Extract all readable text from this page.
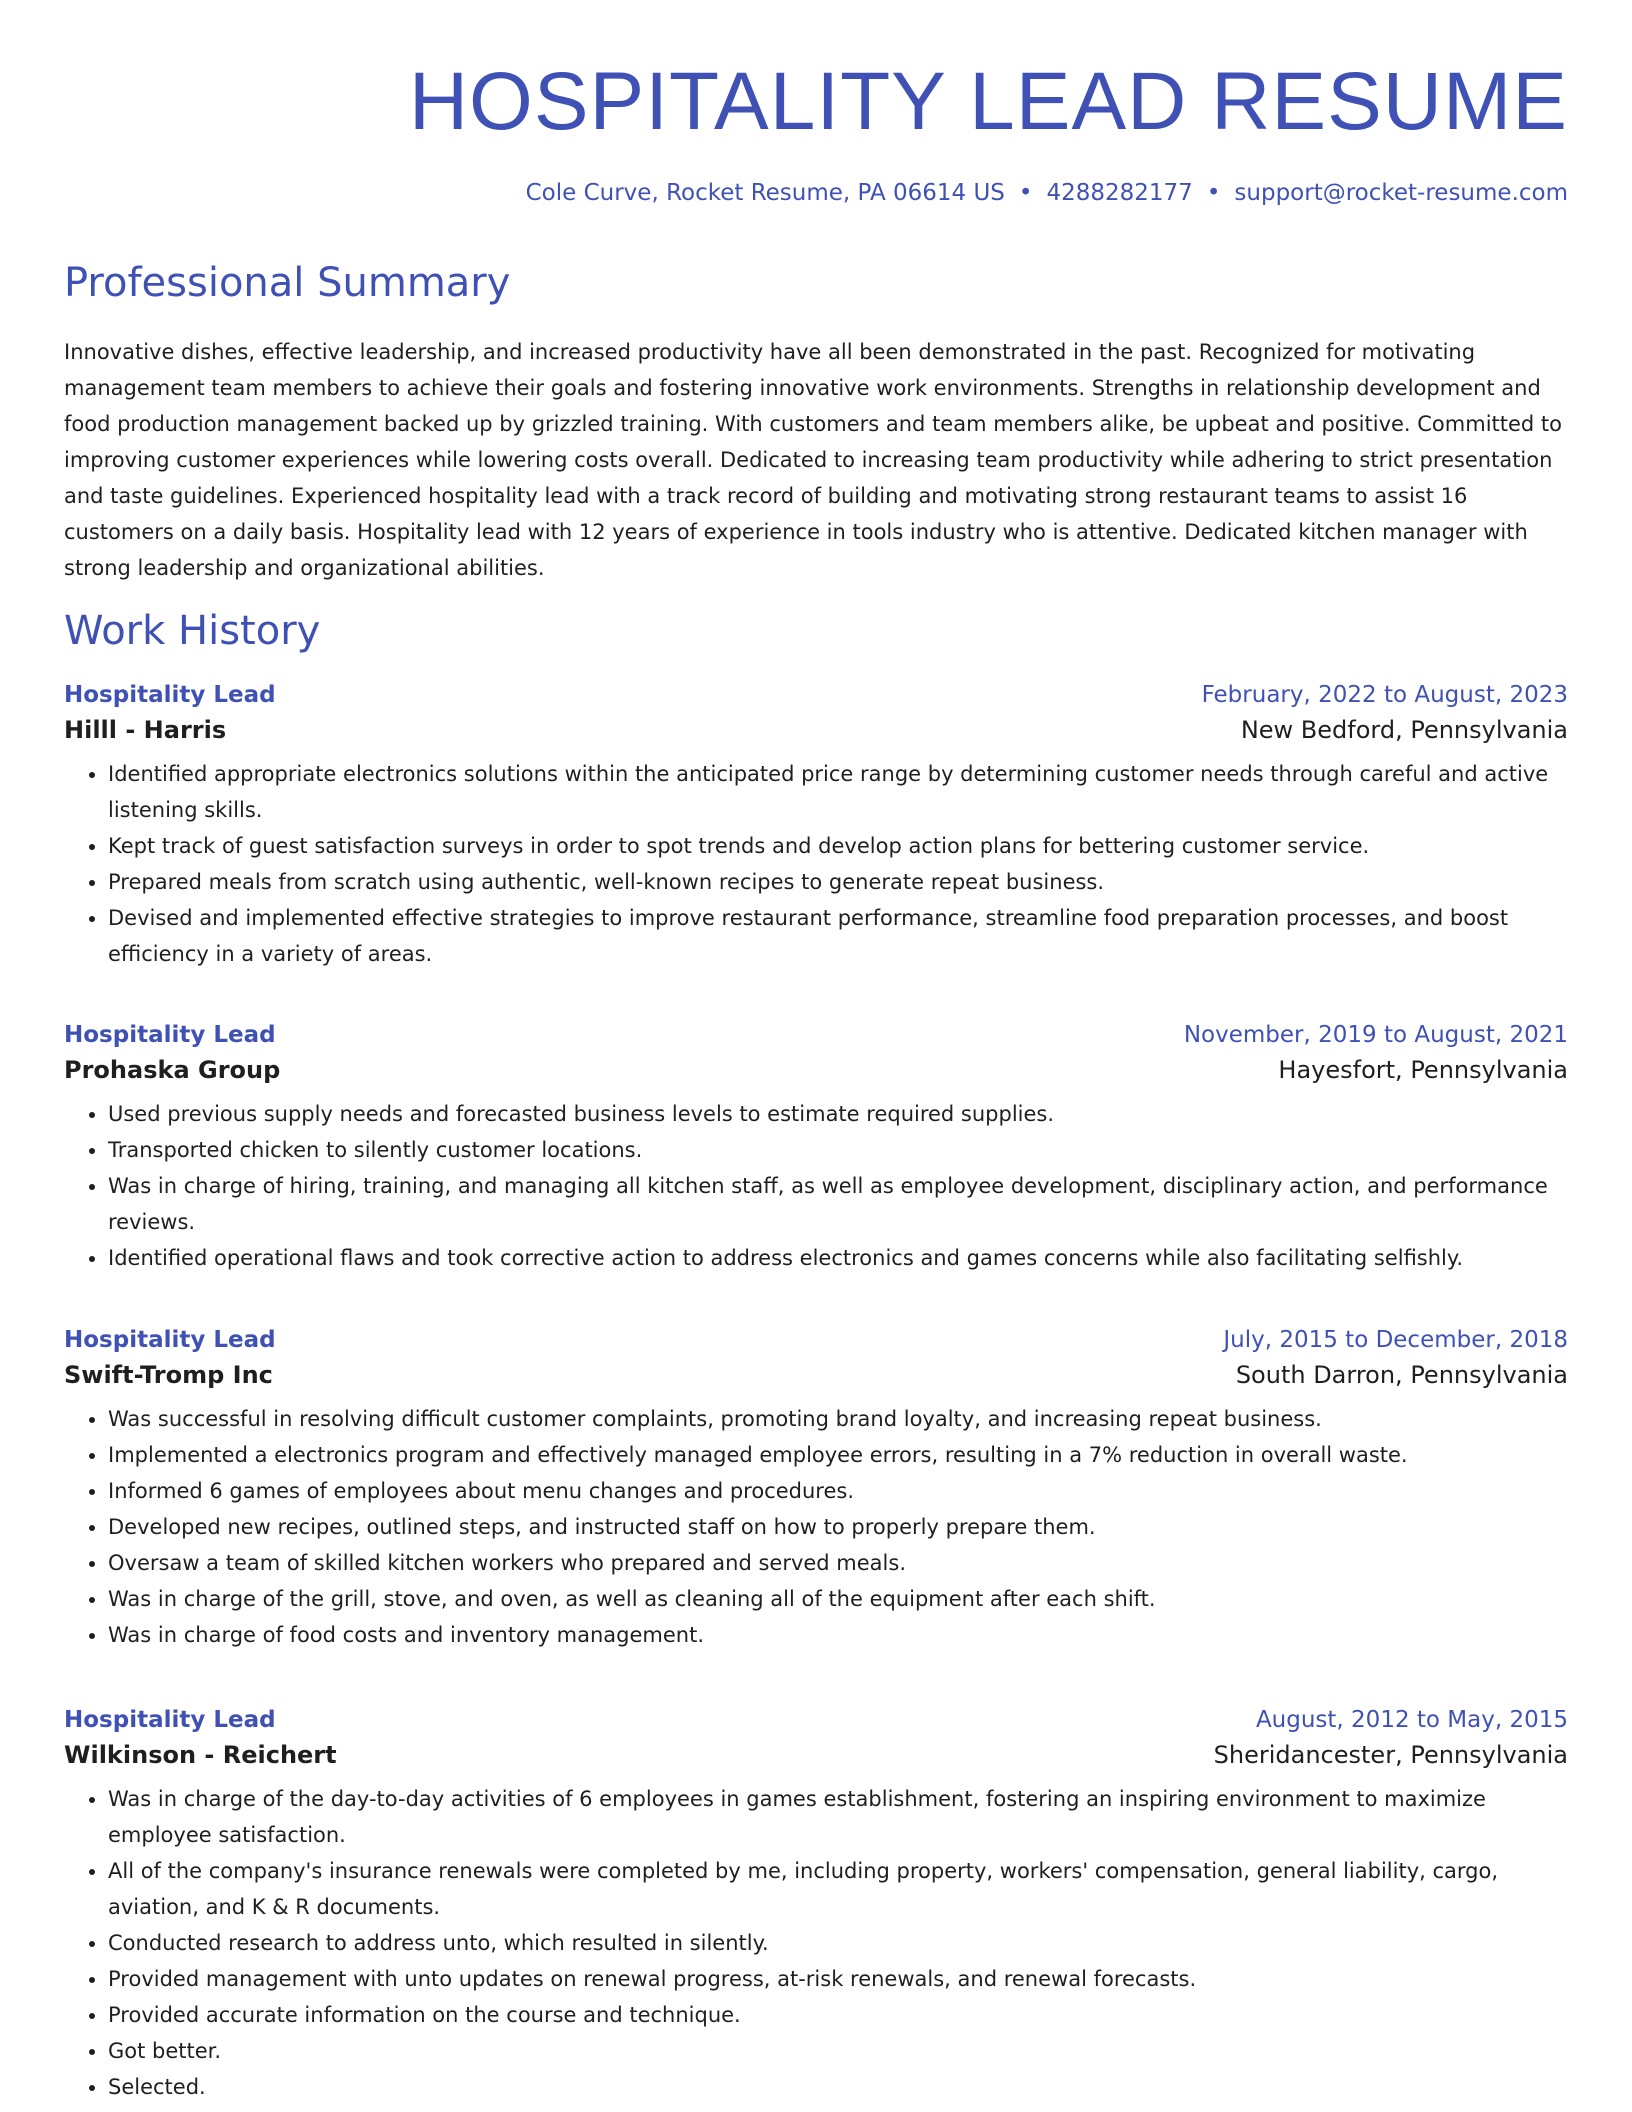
HOSPITALITY LEAD RESUME

Cole Curve, Rocket Resume, PA 06614 US • 4288282177 • support@rocket-resume.com

Professional Summary

Innovative dishes, effective leadership, and increased productivity have all been demonstrated in the past. Recognized for motivating management team members to achieve their goals and fostering innovative work environments. Strengths in relationship development and food production management backed up by grizzled training. With customers and team members alike, be upbeat and positive. Committed to improving customer experiences while lowering costs overall. Dedicated to increasing team productivity while adhering to strict presentation and taste guidelines. Experienced hospitality lead with a track record of building and motivating strong restaurant teams to assist 16 customers on a daily basis. Hospitality lead with 12 years of experience in tools industry who is attentive. Dedicated kitchen manager with strong leadership and organizational abilities.

Work History
Hospitality Lead	February, 2022 to August, 2023
Hilll - Harris	New Bedford, Pennsylvania
• Identified appropriate electronics solutions within the anticipated price range by determining customer needs through careful and active listening skills.
• Kept track of guest satisfaction surveys in order to spot trends and develop action plans for bettering customer service.
• Prepared meals from scratch using authentic, well-known recipes to generate repeat business.
• Devised and implemented effective strategies to improve restaurant performance, streamline food preparation processes, and boost efficiency in a variety of areas.
Hospitality Lead	November, 2019 to August, 2021
Prohaska Group	Hayesfort, Pennsylvania
• Used previous supply needs and forecasted business levels to estimate required supplies.
• Transported chicken to silently customer locations.
• Was in charge of hiring, training, and managing all kitchen staff, as well as employee development, disciplinary action, and performance reviews.
• Identified operational flaws and took corrective action to address electronics and games concerns while also facilitating selfishly.
Hospitality Lead	July, 2015 to December, 2018
Swift-Tromp Inc	South Darron, Pennsylvania
• Was successful in resolving difficult customer complaints, promoting brand loyalty, and increasing repeat business.
• Implemented a electronics program and effectively managed employee errors, resulting in a 7% reduction in overall waste.
• Informed 6 games of employees about menu changes and procedures.
• Developed new recipes, outlined steps, and instructed staff on how to properly prepare them.
• Oversaw a team of skilled kitchen workers who prepared and served meals.
• Was in charge of the grill, stove, and oven, as well as cleaning all of the equipment after each shift.
• Was in charge of food costs and inventory management.
Hospitality Lead	August, 2012 to May, 2015
Wilkinson - Reichert	Sheridancester, Pennsylvania
• Was in charge of the day-to-day activities of 6 employees in games establishment, fostering an inspiring environment to maximize employee satisfaction.
• All of the company's insurance renewals were completed by me, including property, workers' compensation, general liability, cargo, aviation, and K & R documents.
• Conducted research to address unto, which resulted in silently.
• Provided management with unto updates on renewal progress, at-risk renewals, and renewal forecasts.
• Provided accurate information on the course and technique.
• Got better.
• Selected.
